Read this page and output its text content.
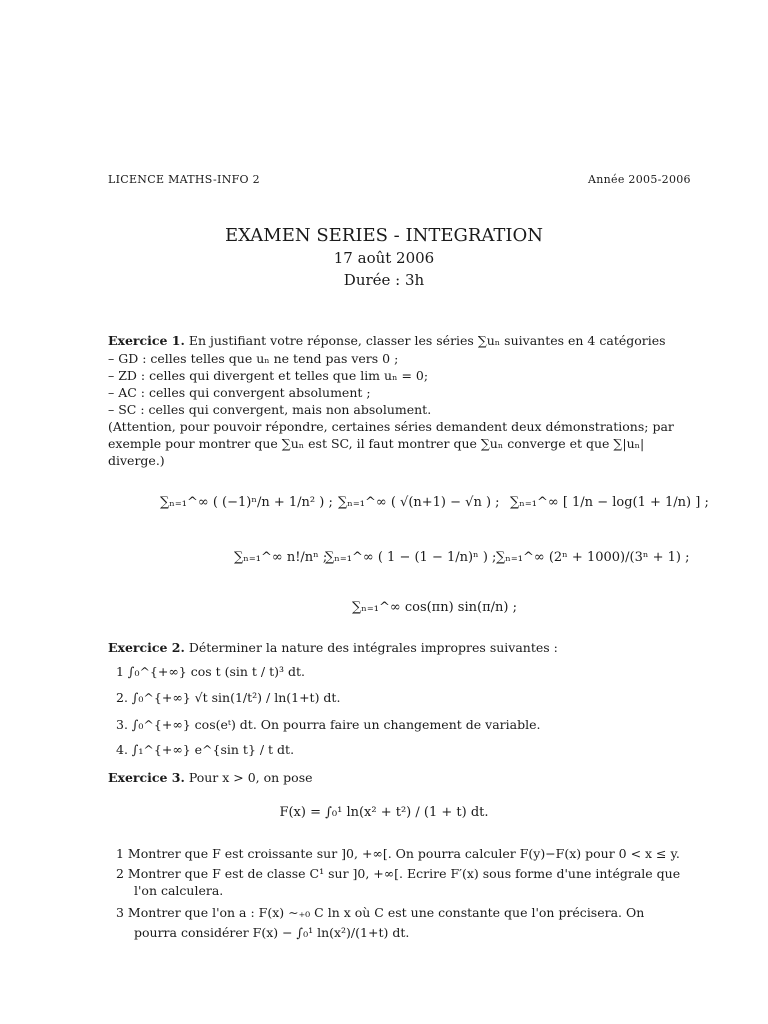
LICENCE MATHS-INFO 2	Année 2005-2006
EXAMEN SERIES - INTEGRATION
17 août 2006
Durée : 3h
Exercice 1. En justifiant votre réponse, classer les séries ∑uₙ suivantes en 4 catégories
– GD : celles telles que uₙ ne tend pas vers 0 ;
– ZD : celles qui divergent et telles que lim uₙ = 0;
– AC : celles qui convergent absolument ;
– SC : celles qui convergent, mais non absolument.
(Attention, pour pouvoir répondre, certaines séries demandent deux démonstrations; par
exemple pour montrer que ∑uₙ est SC, il faut montrer que ∑uₙ converge et que ∑|uₙ|
diverge.)
∑ₙ₌₁^∞ ( (−1)ⁿ/n + 1/n² ) ; ∑ₙ₌₁^∞ ( √(n+1) − √n ) ; ∑ₙ₌₁^∞ [ 1/n − log(1 + 1/n) ] ;
∑ₙ₌₁^∞ n!/nⁿ ;
∑ₙ₌₁^∞ ( 1 − (1 − 1/n)ⁿ ) ; ∑ₙ₌₁^∞ (2ⁿ + 1000)/(3ⁿ + 1) ;
∑ₙ₌₁^∞ cos(πn) sin(π/n) ;
Exercice 2. Déterminer la nature des intégrales impropres suivantes :
1 ∫₀^{+∞} cos t (sin t / t)³ dt.
2. ∫₀^{+∞} √t sin(1/t²) / ln(1+t) dt.
3. ∫₀^{+∞} cos(eᵗ) dt. On pourra faire un changement de variable.
4. ∫₁^{+∞} e^{sin t} / t dt.
Exercice 3. Pour x > 0, on pose
F(x) = ∫₀¹ ln(x² + t²) / (1 + t) dt.
1 Montrer que F est croissante sur ]0, +∞[. On pourra calculer F(y)−F(x) pour 0 < x ≤ y.
2 Montrer que F est de classe C¹ sur ]0, +∞[. Ecrire F′(x) sous forme d'une intégrale que
l'on calculera.
3 Montrer que l'on a : F(x) ∼₊₀ C ln x où C est une constante que l'on précisera. On
pourra considérer F(x) − ∫₀¹ ln(x²)/(1+t) dt.
